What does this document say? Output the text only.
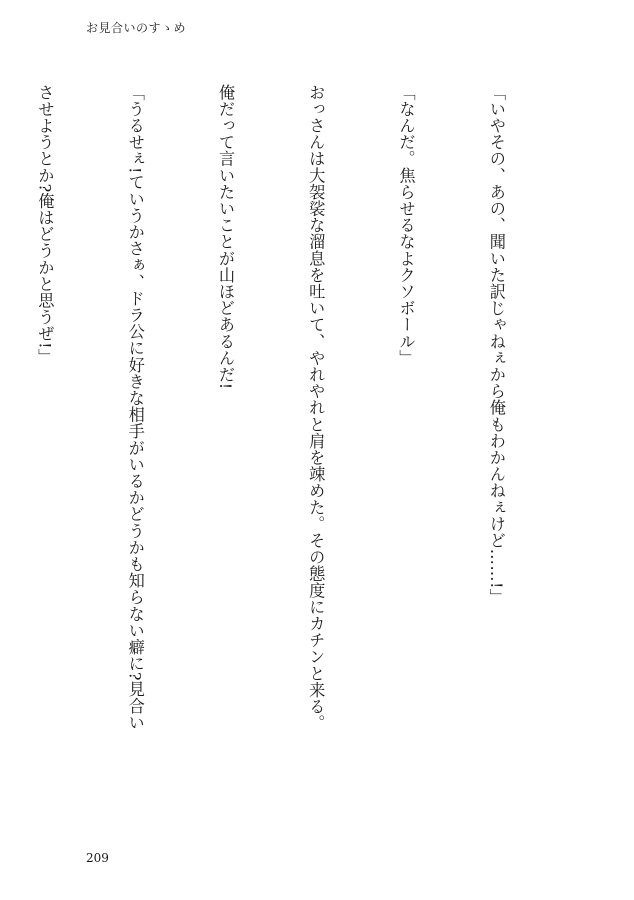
お見合いのすゝめ

「いやその、あの、聞いた訳じゃねぇから俺もわかんねぇけど……!」

「なんだ。焦らせるなよクソボール」

おっさんは大袈裟な溜息を吐いて、やれやれと肩を竦めた。その態度にカチンと来る。

俺だって言いたいことが山ほどあるんだ!

「うるせぇ!ていうかさぁ、ドラ公に好きな相手がいるかどうかも知らない癖に?見合い

させようとか?俺はどうかと思うぜ!」

209
